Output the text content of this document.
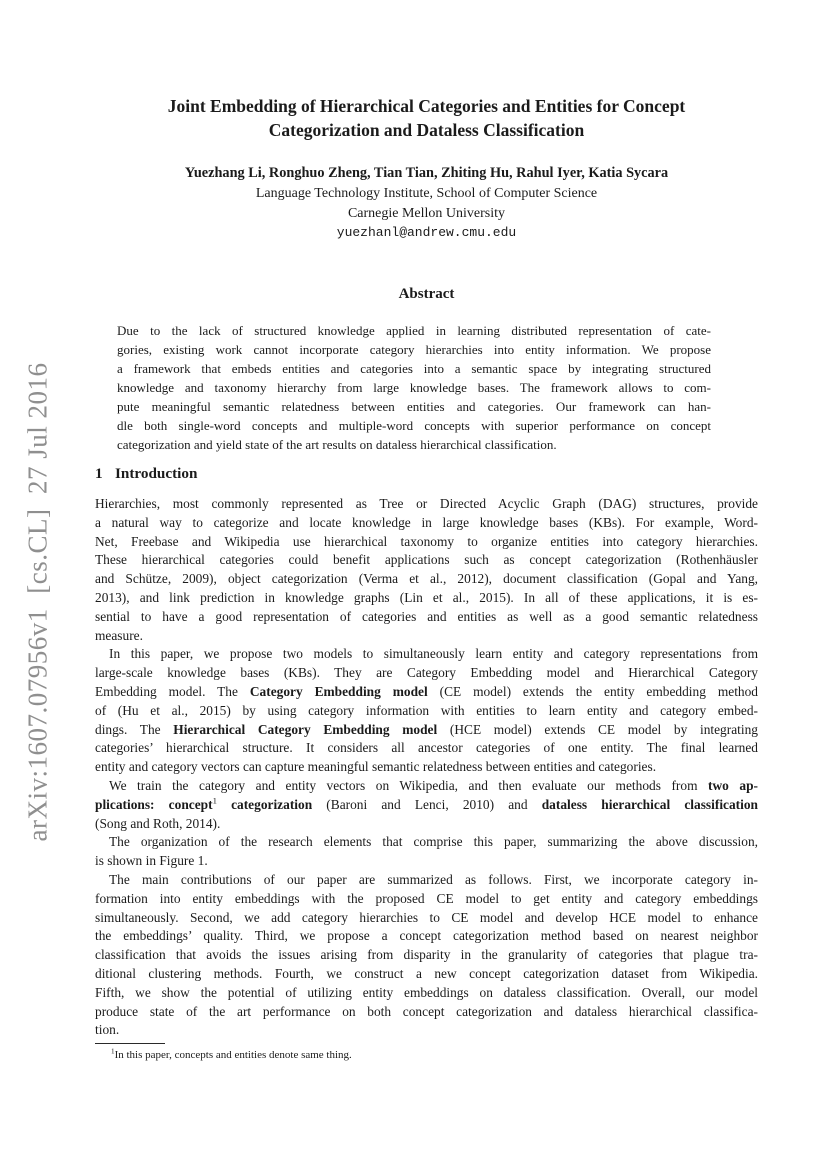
arXiv:1607.07956v1  [cs.CL]  27 Jul 2016
Joint Embedding of Hierarchical Categories and Entities for Concept
Categorization and Dataless Classification
Yuezhang Li, Ronghuo Zheng, Tian Tian, Zhiting Hu, Rahul Iyer, Katia Sycara
Language Technology Institute, School of Computer Science
Carnegie Mellon University
yuezhanl@andrew.cmu.edu
Abstract
Due to the lack of structured knowledge applied in learning distributed representation of cate-
gories, existing work cannot incorporate category hierarchies into entity information. We propose
a framework that embeds entities and categories into a semantic space by integrating structured
knowledge and taxonomy hierarchy from large knowledge bases. The framework allows to com-
pute meaningful semantic relatedness between entities and categories. Our framework can han-
dle both single-word concepts and multiple-word concepts with superior performance on concept
categorization and yield state of the art results on dataless hierarchical classification.
1 Introduction
Hierarchies, most commonly represented as Tree or Directed Acyclic Graph (DAG) structures, provide
a natural way to categorize and locate knowledge in large knowledge bases (KBs). For example, Word-
Net, Freebase and Wikipedia use hierarchical taxonomy to organize entities into category hierarchies.
These hierarchical categories could benefit applications such as concept categorization (Rothenhäusler
and Schütze, 2009), object categorization (Verma et al., 2012), document classification (Gopal and Yang,
2013), and link prediction in knowledge graphs (Lin et al., 2015). In all of these applications, it is es-
sential to have a good representation of categories and entities as well as a good semantic relatedness
measure.
In this paper, we propose two models to simultaneously learn entity and category representations from
large-scale knowledge bases (KBs). They are Category Embedding model and Hierarchical Category
Embedding model. The Category Embedding model (CE model) extends the entity embedding method
of (Hu et al., 2015) by using category information with entities to learn entity and category embed-
dings. The Hierarchical Category Embedding model (HCE model) extends CE model by integrating
categories’ hierarchical structure. It considers all ancestor categories of one entity. The final learned
entity and category vectors can capture meaningful semantic relatedness between entities and categories.
We train the category and entity vectors on Wikipedia, and then evaluate our methods from two ap-
plications: concept$^1$ categorization (Baroni and Lenci, 2010) and dataless hierarchical classification
(Song and Roth, 2014).
The organization of the research elements that comprise this paper, summarizing the above discussion,
is shown in Figure 1.
The main contributions of our paper are summarized as follows. First, we incorporate category in-
formation into entity embeddings with the proposed CE model to get entity and category embeddings
simultaneously. Second, we add category hierarchies to CE model and develop HCE model to enhance
the embeddings’ quality. Third, we propose a concept categorization method based on nearest neighbor
classification that avoids the issues arising from disparity in the granularity of categories that plague tra-
ditional clustering methods. Fourth, we construct a new concept categorization dataset from Wikipedia.
Fifth, we show the potential of utilizing entity embeddings on dataless classification. Overall, our model
produce state of the art performance on both concept categorization and dataless hierarchical classifica-
tion.
$^1$In this paper, concepts and entities denote same thing.
